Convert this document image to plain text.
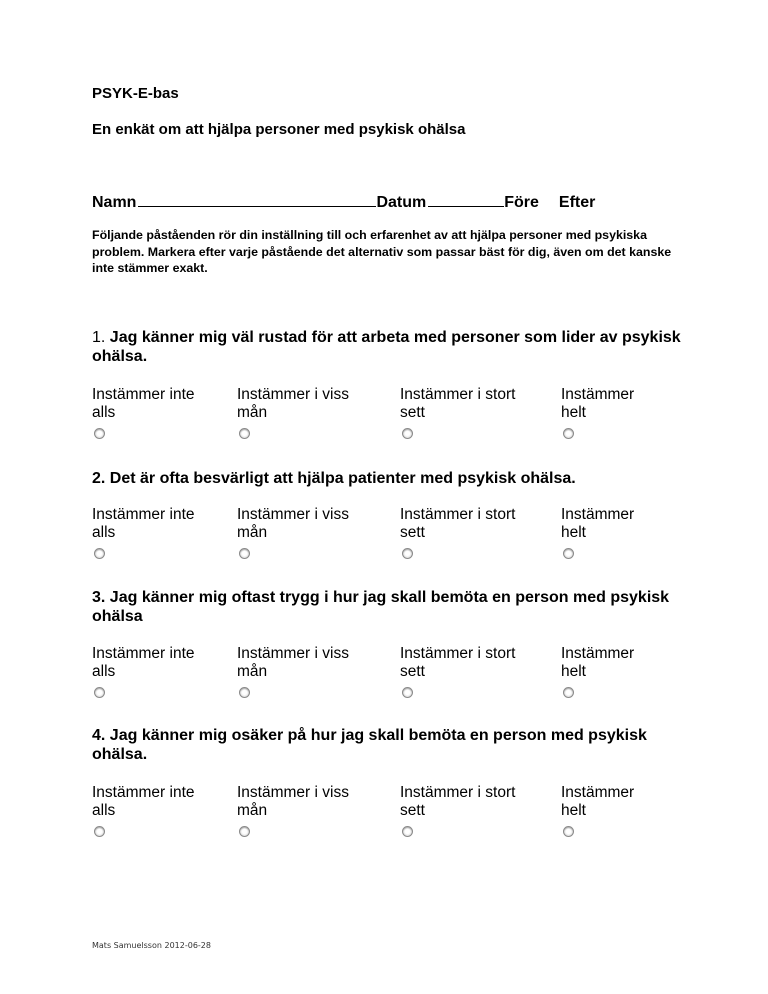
PSYK-E-bas
En enkät om att hjälpa personer med psykisk ohälsa
Namn	Datum	Före Efter
Följande påståenden rör din inställning till och erfarenhet av att hjälpa personer med psykiska problem. Markera efter varje påstående det alternativ som passar bäst för dig, även om det kanske inte stämmer exakt.
1. Jag känner mig väl rustad för att arbeta med personer som lider av psykisk ohälsa.
Instämmer inte
alls
Instämmer i viss
mån
Instämmer i stort
sett
Instämmer
helt
2. Det är ofta besvärligt att hjälpa patienter med psykisk ohälsa.
Instämmer inte
alls
Instämmer i viss
mån
Instämmer i stort
sett
Instämmer
helt
3. Jag känner mig oftast trygg i hur jag skall bemöta en person med psykisk ohälsa
Instämmer inte
alls
Instämmer i viss
mån
Instämmer i stort
sett
Instämmer
helt
4. Jag känner mig osäker på hur jag skall bemöta en person med psykisk ohälsa.
Instämmer inte
alls
Instämmer i viss
mån
Instämmer i stort
sett
Instämmer
helt
Mats Samuelsson 2012-06-28
